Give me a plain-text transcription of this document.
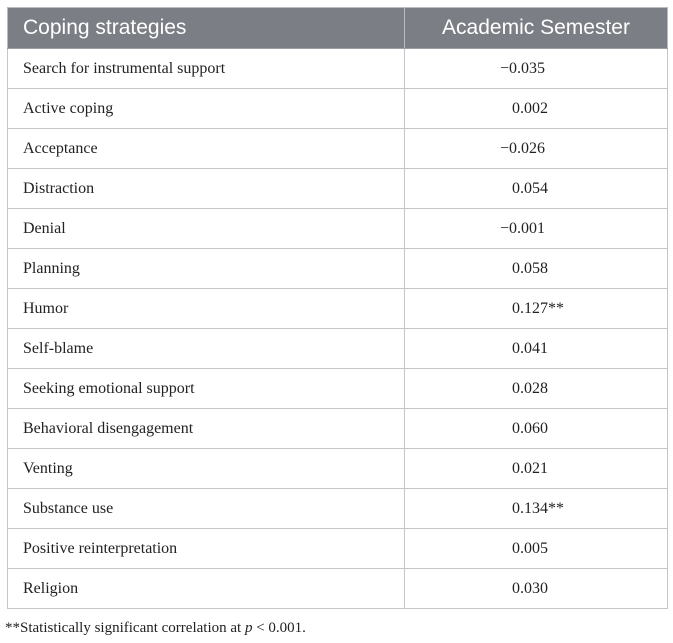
Coping strategies	Academic Semester
Search for instrumental support	−0.035
Active coping	0.002
Acceptance	−0.026
Distraction	0.054
Denial	−0.001
Planning	0.058
Humor	0.127**
Self-blame	0.041
Seeking emotional support	0.028
Behavioral disengagement	0.060
Venting	0.021
Substance use	0.134**
Positive reinterpretation	0.005
Religion	0.030
**Statistically significant correlation at p < 0.001.
